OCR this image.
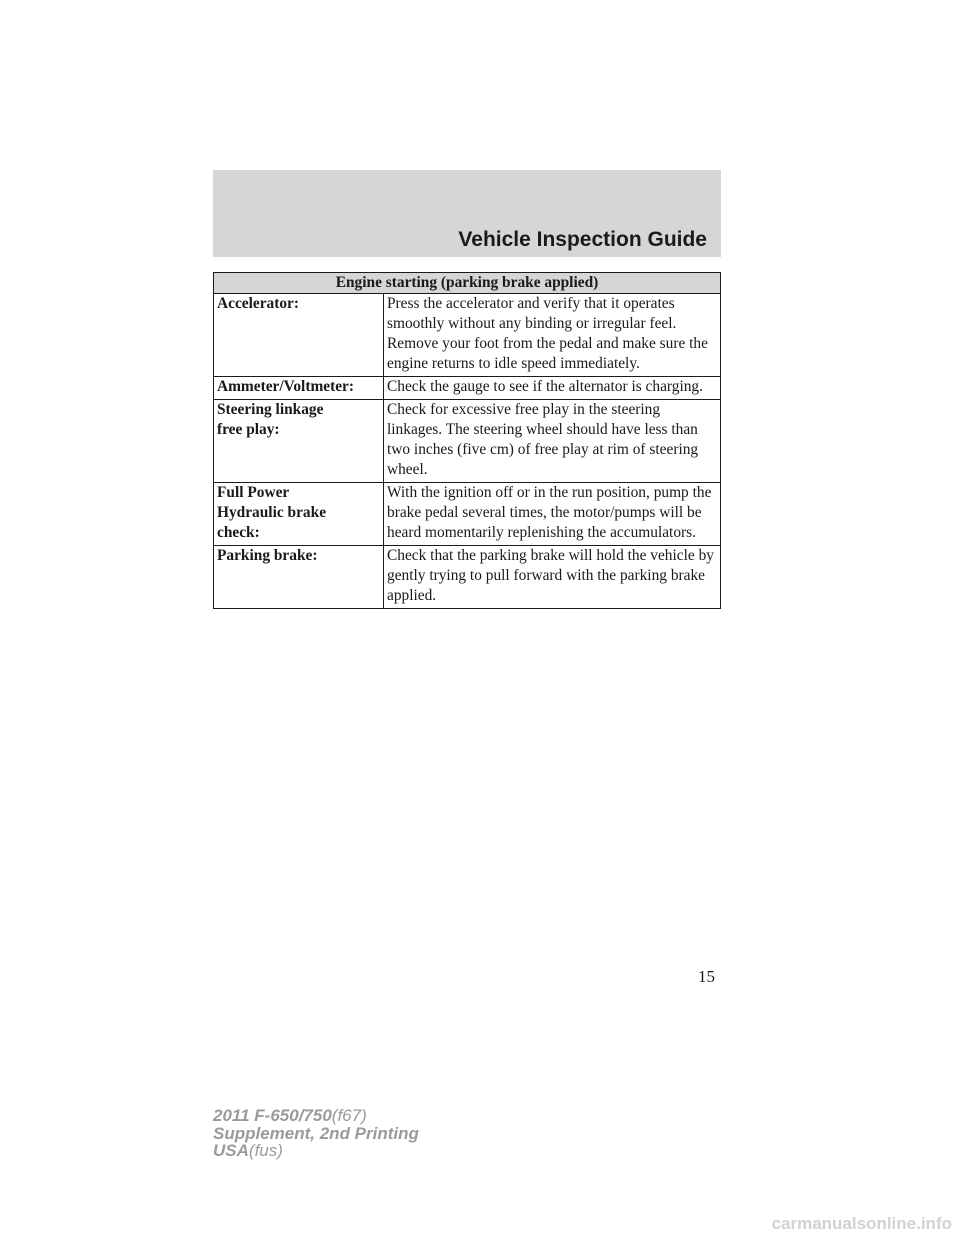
Vehicle Inspection Guide
Engine starting (parking brake applied)	
Accelerator:	Press the accelerator and verify that it operates smoothly without any binding or irregular feel. Remove your foot from the pedal and make sure the engine returns to idle speed immediately.
Ammeter/Voltmeter:	Check the gauge to see if the alternator is charging.

Steering linkage free play:	Check for excessive free play in the steering linkages. The steering wheel should have less than two inches (five cm) of free play at rim of steering wheel.

Full Power Hydraulic brake check:	With the ignition off or in the run position, pump the brake pedal several times, the motor/pumps will be heard momentarily replenishing the accumulators.
Parking brake:	Check that the parking brake will hold the vehicle by gently trying to pull forward with the parking brake applied.
15
2011 F-650/750(f67)
Supplement, 2nd Printing
USA(fus)
carmanualsonline.info
